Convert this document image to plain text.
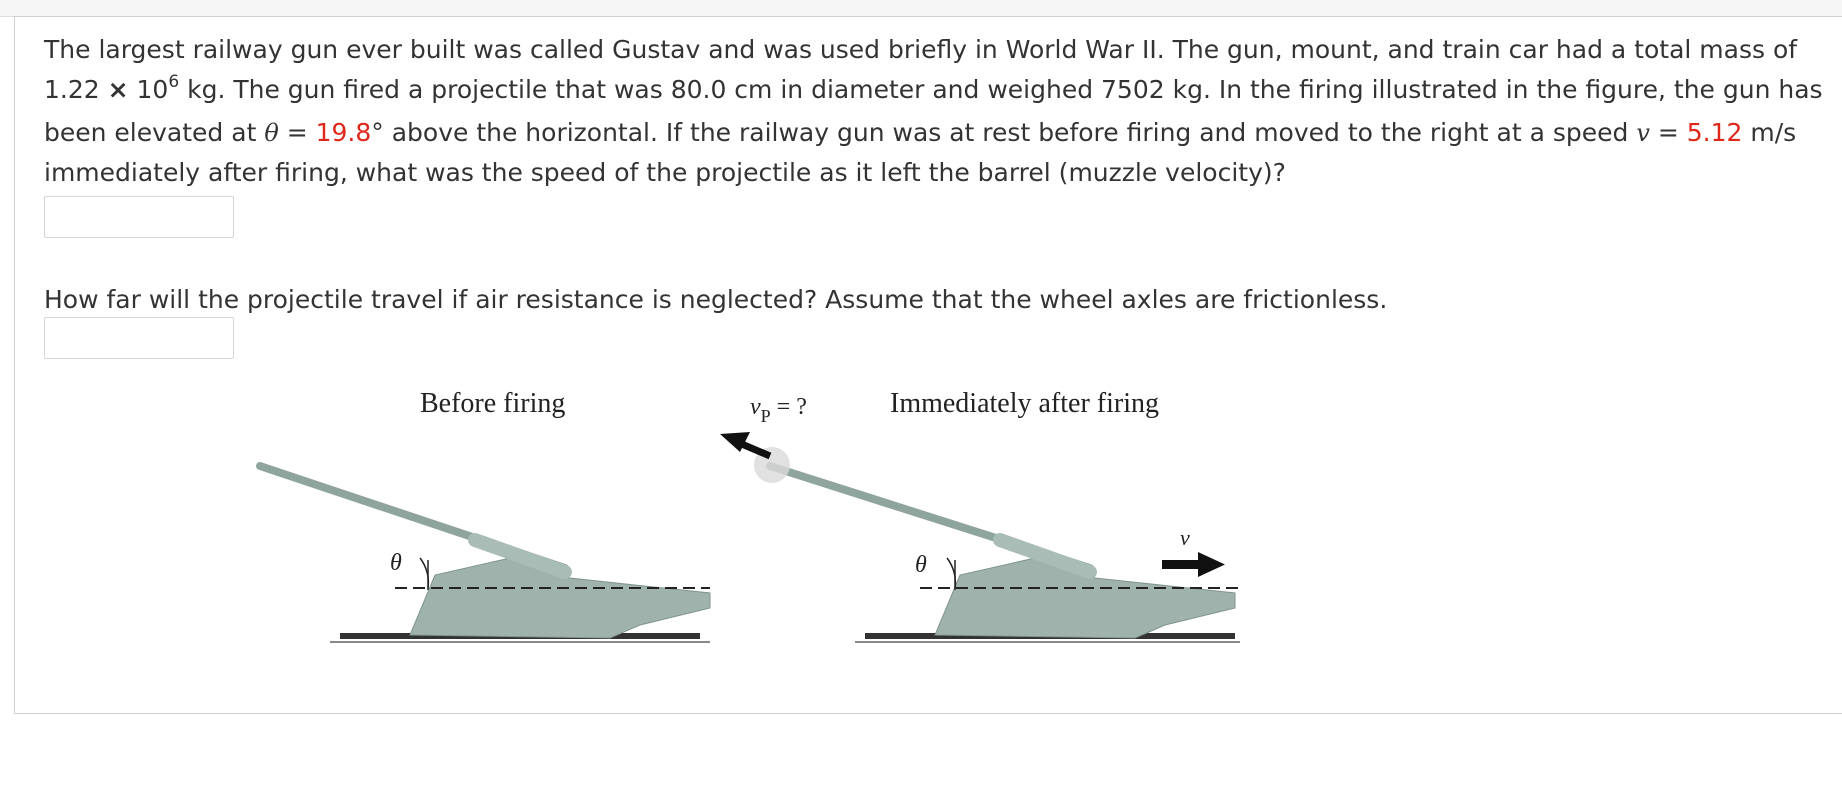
The largest railway gun ever built was called Gustav and was used briefly in World War II. The gun, mount, and train car had a total mass of $1.22 \times 10^6$ kg. The gun fired a projectile that was 80.0 cm in diameter and weighed 7502 kg. In the firing illustrated in the figure, the gun has been elevated at θ = 19.8° above the horizontal. If the railway gun was at rest before firing and moved to the right at a speed v = 5.12 m/s immediately after firing, what was the speed of the projectile as it left the barrel (muzzle velocity)?

How far will the projectile travel if air resistance is neglected? Assume that the wheel axles are frictionless.

θ
Before firing
θ
Immediately after firing
$v_P$ = ?
v
